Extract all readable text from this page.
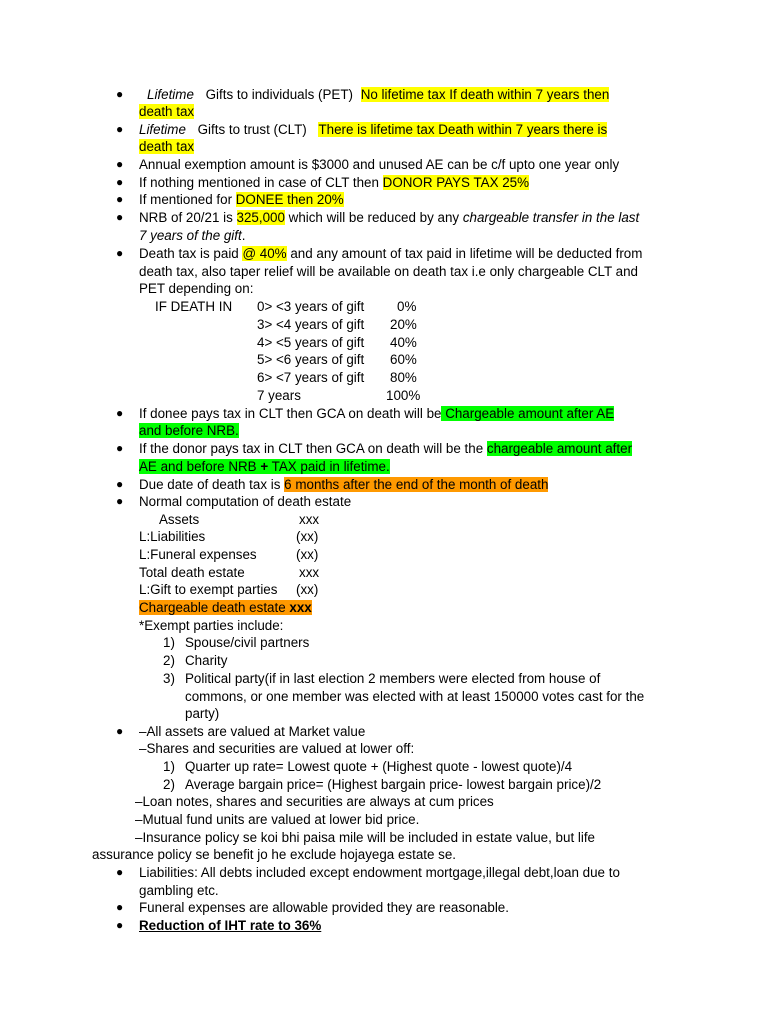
● Lifetime Gifts to individuals (PET) No lifetime tax If death within 7 years then
death tax
● Lifetime Gifts to trust (CLT) There is lifetime tax Death within 7 years there is
death tax
● Annual exemption amount is $3000 and unused AE can be c/f upto one year only
● If nothing mentioned in case of CLT then DONOR PAYS TAX 25%
● If mentioned for DONEE then 20%
● NRB of 20/21 is 325,000 which will be reduced by any chargeable transfer in the last
7 years of the gift.
● Death tax is paid @ 40% and any amount of tax paid in lifetime will be deducted from
death tax, also taper relief will be available on death tax i.e only chargeable CLT and
PET depending on:
IF DEATH IN 0> <3 years of gift 0%
3> <4 years of gift 20%
4> <5 years of gift 40%
5> <6 years of gift 60%
6> <7 years of gift 80%
7 years	100%
● If donee pays tax in CLT then GCA on death will be Chargeable amount after AE
and before NRB.
● If the donor pays tax in CLT then GCA on death will be the chargeable amount after
AE and before NRB + TAX paid in lifetime.
● Due date of death tax is 6 months after the end of the month of death
● Normal computation of death estate
Assets	xxx
L:Liabilities	(xx)
L:Funeral expenses	(xx)
Total death estate	xxx
L:Gift to exempt parties (xx)
Chargeable death estate xxx
*Exempt parties include:
1) Spouse/civil partners
2) Charity
3) Political party(if in last election 2 members were elected from house of
commons, or one member was elected with at least 150000 votes cast for the
party)
● –All assets are valued at Market value
–Shares and securities are valued at lower off:
1) Quarter up rate= Lowest quote + (Highest quote - lowest quote)/4
2) Average bargain price= (Highest bargain price- lowest bargain price)/2
–Loan notes, shares and securities are always at cum prices
–Mutual fund units are valued at lower bid price.
–Insurance policy se koi bhi paisa mile will be included in estate value, but life
assurance policy se benefit jo he exclude hojayega estate se.
● Liabilities: All debts included except endowment mortgage,illegal debt,loan due to
gambling etc.
● Funeral expenses are allowable provided they are reasonable.
● Reduction of IHT rate to 36%
